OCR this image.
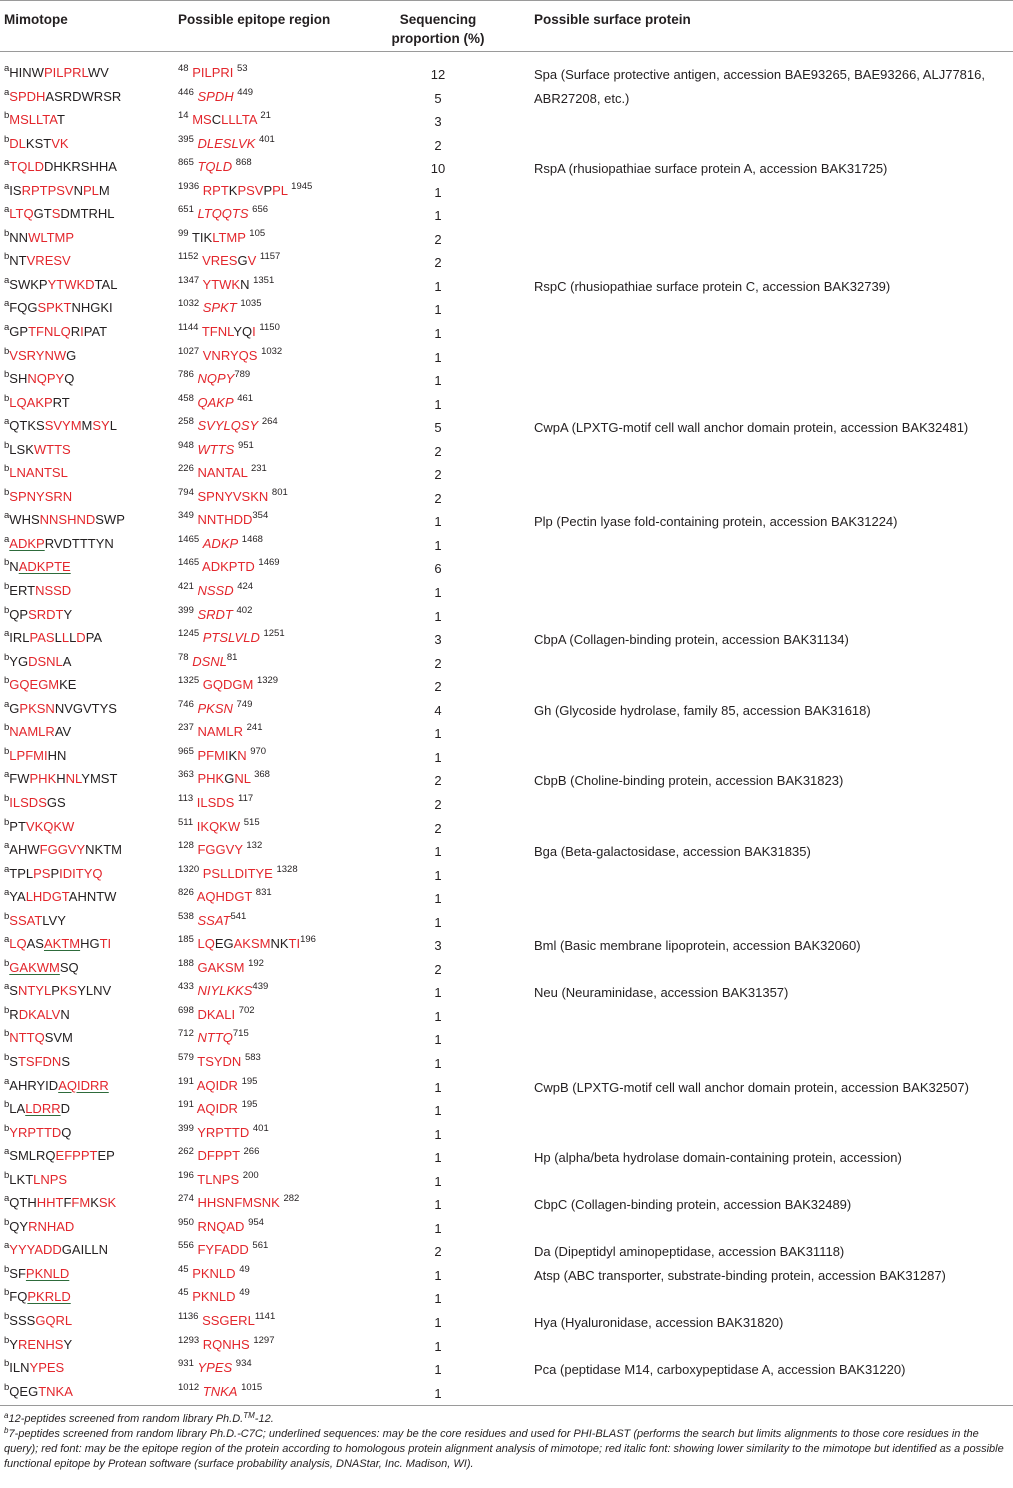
Mimotope	Possible epitope region	Sequencing proportion (%)
Possible surface protein
$^a$HINWPILPRLWV	$^{48}$ PILPRI $^{53}$	12	Spa (Surface protective antigen, accession BAE93265, BAE93266, ALJ77816,
$^a$SPDHASRDWRSR	$^{446}$ SPDH $^{449}$	5	ABR27208, etc.)
$^b$MSLLTAT	$^{14}$ MSCLLLTA $^{21}$	3
$^b$DLKSTVK	$^{395}$ DLESLVK $^{401}$	2
$^a$TQLDDHKRSHHA	$^{865}$ TQLD $^{868}$	10	RspA (rhusiopathiae surface protein A, accession BAK31725)
$^a$ISRPTPSVNPLM	$^{1936}$ RPTKPSVPPL $^{1945}$	1
$^a$LTQGTSDMTRHL	$^{651}$ LTQQTS $^{656}$	1
$^b$NNWLTMP	$^{99}$ TIKLTMP $^{105}$	2
$^b$NTVRESV	$^{1152}$ VRESGV $^{1157}$	2
$^a$SWKPYTWKDTAL	$^{1347}$ YTWKN $^{1351}$	1	RspC (rhusiopathiae surface protein C, accession BAK32739)
$^a$FQGSPKTNHGKI	$^{1032}$ SPKT $^{1035}$	1
$^a$GPTFNLQRIPAT	$^{1144}$ TFNLYQI $^{1150}$	1
$^b$VSRYNWG	$^{1027}$ VNRYQS $^{1032}$	1
$^b$SHNQPYQ	$^{786}$ NQPY$^{789}$	1
$^b$LQAKPRT	$^{458}$ QAKP $^{461}$	1
$^a$QTKSSVYMMSYL	$^{258}$ SVYLQSY $^{264}$	5	CwpA (LPXTG-motif cell wall anchor domain protein, accession BAK32481)
$^b$LSKWTTS	$^{948}$ WTTS $^{951}$	2
$^b$LNANTSL	$^{226}$ NANTAL $^{231}$	2
$^b$SPNYSRN	$^{794}$ SPNYVSKN $^{801}$	2
$^a$WHSNNSHNDSWP	$^{349}$ NNTHDD$^{354}$	1	Plp (Pectin lyase fold-containing protein, accession BAK31224)
$^a$ADKPRVDTTTYN	$^{1465}$ ADKP $^{1468}$	1
$^b$NADKPTE	$^{1465}$ ADKPTD $^{1469}$	6
$^b$ERTNSSD	$^{421}$ NSSD $^{424}$	1
$^b$QPSRDTY	$^{399}$ SRDT $^{402}$	1
$^a$IRLPASLLLDPA	$^{1245}$ PTSLVLD $^{1251}$	3	CbpA (Collagen-binding protein, accession BAK31134)
$^b$YGDSNLA	$^{78}$ DSNL$^{81}$	2
$^b$GQEGMKE	$^{1325}$ GQDGM $^{1329}$	2
$^a$GPKSNNVGVTYS	$^{746}$ PKSN $^{749}$	4	Gh (Glycoside hydrolase, family 85, accession BAK31618)
$^b$NAMLRAV	$^{237}$ NAMLR $^{241}$	1
$^b$LPFMIHN	$^{965}$ PFMIKN $^{970}$	1
$^a$FWPHKHNLYMST	$^{363}$ PHKGNL $^{368}$	2	CbpB (Choline-binding protein, accession BAK31823)
$^b$ILSDSGS	$^{113}$ ILSDS $^{117}$	2
$^b$PTVKQKW	$^{511}$ IKQKW $^{515}$	2
$^a$AHWFGGVYNKTM	$^{128}$ FGGVY $^{132}$	1	Bga (Beta-galactosidase, accession BAK31835)
$^a$TPLPSPIDITYQ	$^{1320}$ PSLLDITYE $^{1328}$	1
$^a$YALHDGTAHNTW	$^{826}$ AQHDGT $^{831}$	1
$^b$SSATLVY	$^{538}$ SSAT$^{541}$	1
$^a$LQASAKTMHGTI	$^{185}$ LQEGAKSMNKTI$^{196}$	3	Bml (Basic membrane lipoprotein, accession BAK32060)
$^b$GAKWMSQ	$^{188}$ GAKSM $^{192}$	2
$^a$SNTYLPKSYLNV	$^{433}$ NIYLKKS$^{439}$	1	Neu (Neuraminidase, accession BAK31357)
$^b$RDKALVN	$^{698}$ DKALI $^{702}$	1
$^b$NTTQSVM	$^{712}$ NTTQ$^{715}$	1
$^b$STSFDNS	$^{579}$ TSYDN $^{583}$	1
$^a$AHRYIDAQIDRR	$^{191}$ AQIDR $^{195}$	1	CwpB (LPXTG-motif cell wall anchor domain protein, accession BAK32507)
$^b$LALDRRD	$^{191}$ AQIDR $^{195}$	1
$^b$YRPTTDQ	$^{399}$ YRPTTD $^{401}$	1
$^a$SMLRQEFPPTEP	$^{262}$ DFPPT $^{266}$	1	Hp (alpha/beta hydrolase domain-containing protein, accession)
$^b$LKTLNPS	$^{196}$ TLNPS $^{200}$	1
$^a$QTHHHTFFMKSK	$^{274}$ HHSNFMSNK $^{282}$	1	CbpC (Collagen-binding protein, accession BAK32489)
$^b$QYRNHAD	$^{950}$ RNQAD $^{954}$	1
$^a$YYYADDGAILLN	$^{556}$ FYFADD $^{561}$	2	Da (Dipeptidyl aminopeptidase, accession BAK31118)
$^b$SFPKNLD	$^{45}$ PKNLD $^{49}$	1	Atsp (ABC transporter, substrate-binding protein, accession BAK31287)
$^b$FQPKRLD	$^{45}$ PKNLD $^{49}$	1
$^b$SSSGQRL	$^{1136}$ $SSGERL^{1141}$	1	Hya (Hyaluronidase, accession BAK31820)
$^b$YRENHSY	$^{1293}$ RQNHS $^{1297}$	1
$^b$ILNYPES	$^{931}$ YPES $^{934}$	1	Pca (peptidase M14, carboxypeptidase A, accession BAK31220)
$^b$QEGTNKA	$^{1012}$ TNKA $^{1015}$	1
$^a$12-peptides screened from random library Ph.D.™-12.
$^b$7-peptides screened from random library Ph.D.-C7C; underlined sequences: may be the core residues and used for PHI-BLAST (performs the search but limits alignments to those core residues in the query); red font: may be the epitope region of the protein according to homologous protein alignment analysis of mimotope; red italic font: showing lower similarity to the mimotope but identified as a possible functional epitope by Protean software (surface probability analysis, DNAStar, Inc. Madison, WI).
